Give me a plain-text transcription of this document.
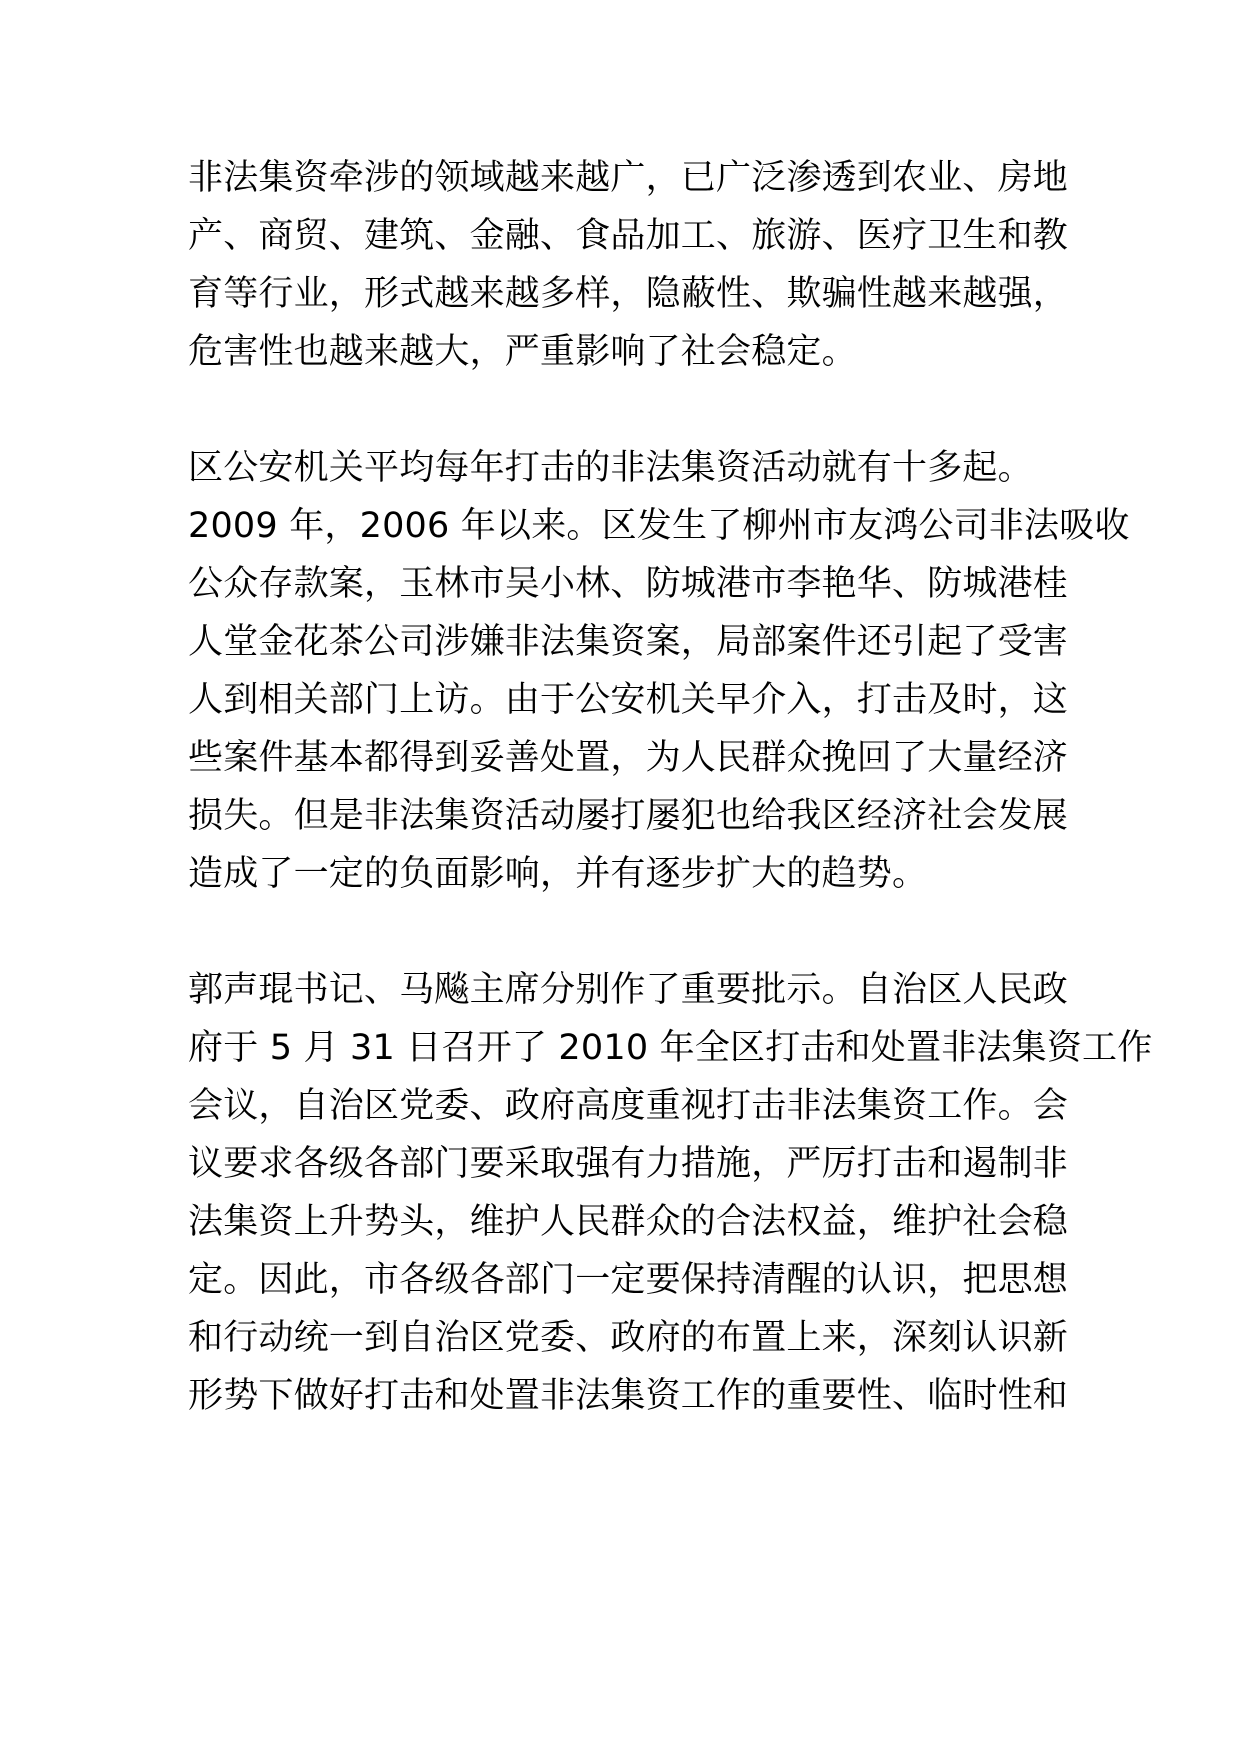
非法集资牵涉的领域越来越广，已广泛渗透到农业、房地
产、商贸、建筑、金融、食品加工、旅游、医疗卫生和教
育等行业，形式越来越多样，隐蔽性、欺骗性越来越强，
危害性也越来越大，严重影响了社会稳定。
区公安机关平均每年打击的非法集资活动就有十多起。
2009 年，2006 年以来。区发生了柳州市友鸿公司非法吸收
公众存款案，玉林市吴小林、防城港市李艳华、防城港桂
人堂金花茶公司涉嫌非法集资案，局部案件还引起了受害
人到相关部门上访。由于公安机关早介入，打击及时，这
些案件基本都得到妥善处置，为人民群众挽回了大量经济
损失。但是非法集资活动屡打屡犯也给我区经济社会发展
造成了一定的负面影响，并有逐步扩大的趋势。
郭声琨书记、马飚主席分别作了重要批示。自治区人民政
府于 5 月 31 日召开了 2010 年全区打击和处置非法集资工作
会议，自治区党委、政府高度重视打击非法集资工作。会
议要求各级各部门要采取强有力措施，严厉打击和遏制非
法集资上升势头，维护人民群众的合法权益，维护社会稳
定。因此，市各级各部门一定要保持清醒的认识，把思想
和行动统一到自治区党委、政府的布置上来，深刻认识新
形势下做好打击和处置非法集资工作的重要性、临时性和
